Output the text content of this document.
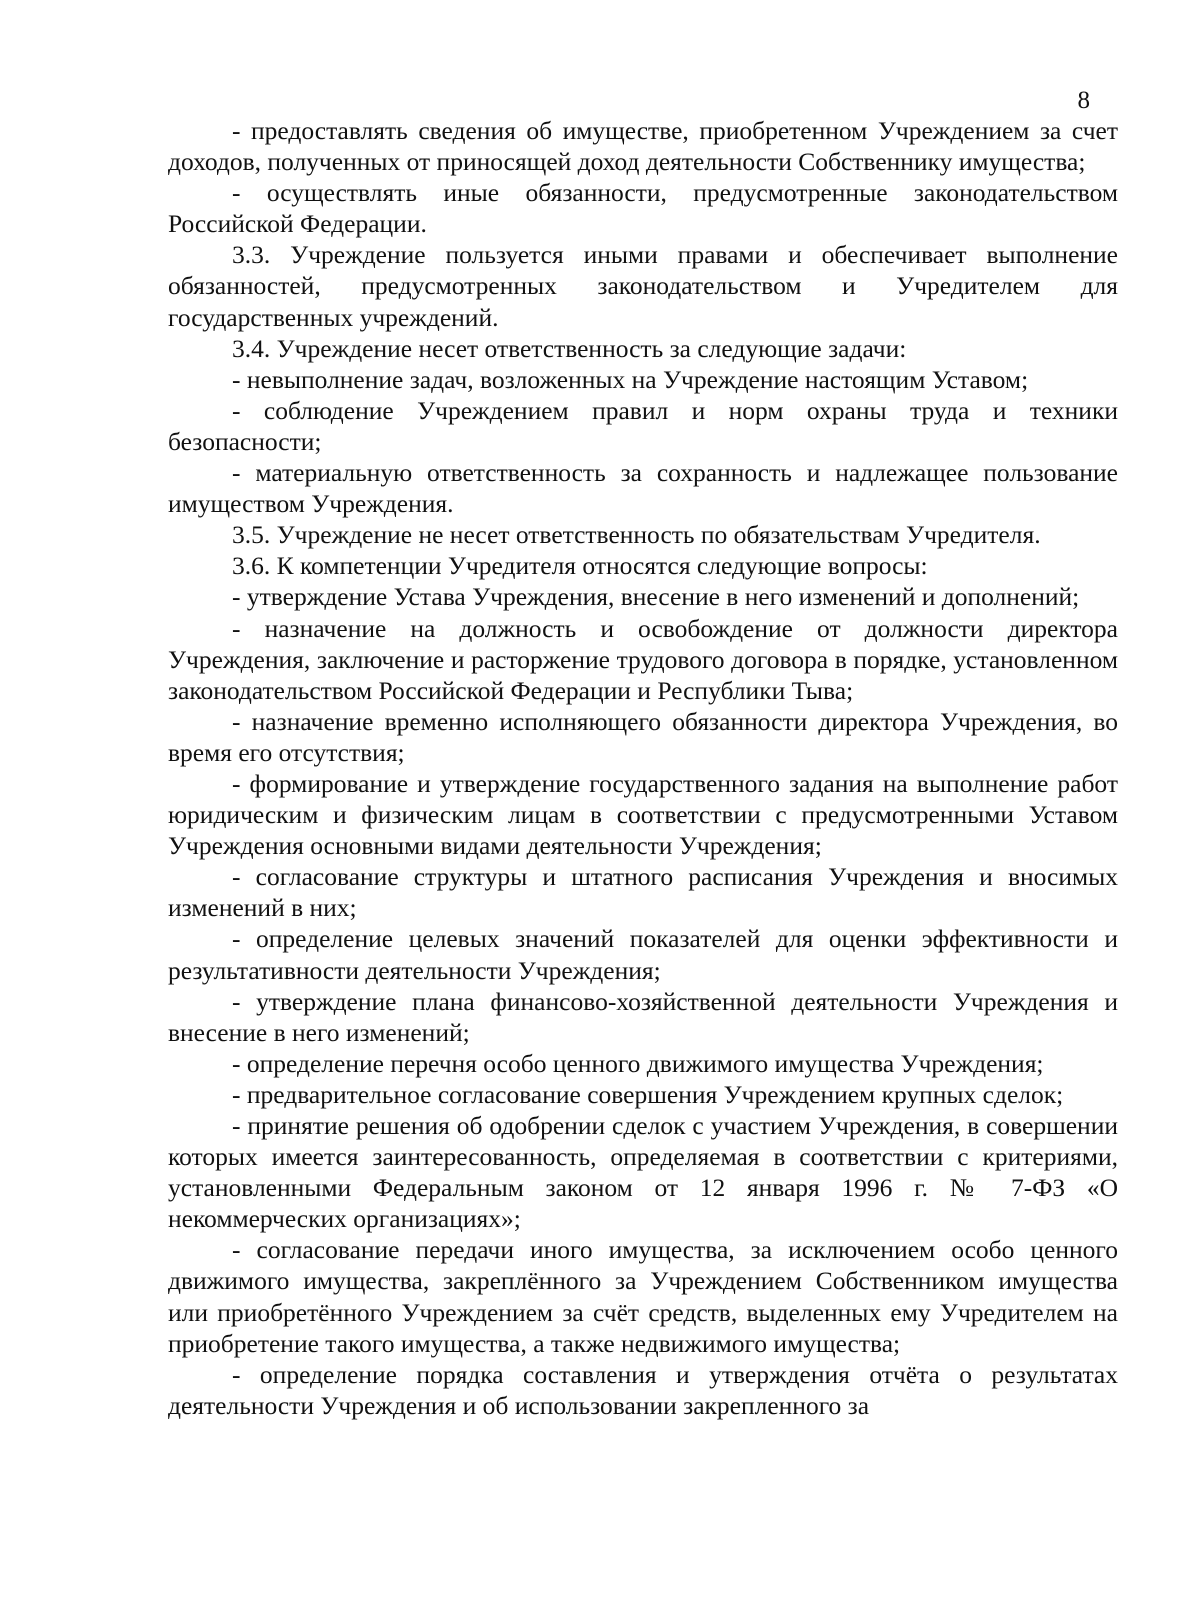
8

- предоставлять сведения об имуществе, приобретенном Учреждением за счет доходов, полученных от приносящей доход деятельности Собственнику имущества;

- осуществлять иные обязанности, предусмотренные законодательством Российской Федерации.

3.3. Учреждение пользуется иными правами и обеспечивает выполнение обязанностей, предусмотренных законодательством и Учредителем для государственных учреждений.

3.4. Учреждение несет ответственность за следующие задачи:

- невыполнение задач, возложенных на Учреждение настоящим Уставом;

- соблюдение Учреждением правил и норм охраны труда и техники безопасности;

- материальную ответственность за сохранность и надлежащее пользование имуществом Учреждения.

3.5. Учреждение не несет ответственность по обязательствам Учредителя.

3.6. К компетенции Учредителя относятся следующие вопросы:

- утверждение Устава Учреждения, внесение в него изменений и дополнений;

- назначение на должность и освобождение от должности директора Учреждения, заключение и расторжение трудового договора в порядке, установленном законодательством Российской Федерации и Республики Тыва;

- назначение временно исполняющего обязанности директора Учреждения, во время его отсутствия;

- формирование и утверждение государственного задания на выполнение работ юридическим и физическим лицам в соответствии с предусмотренными Уставом Учреждения основными видами деятельности Учреждения;

- согласование структуры и штатного расписания Учреждения и вносимых изменений в них;

- определение целевых значений показателей для оценки эффективности и результативности деятельности Учреждения;

- утверждение плана финансово-хозяйственной деятельности Учреждения и внесение в него изменений;

- определение перечня особо ценного движимого имущества Учреждения;

- предварительное согласование совершения Учреждением крупных сделок;

- принятие решения об одобрении сделок с участием Учреждения, в совершении которых имеется заинтересованность, определяемая в соответствии с критериями, установленными Федеральным законом от 12 января 1996 г. № 7-ФЗ «О некоммерческих организациях»;

- согласование передачи иного имущества, за исключением особо ценного движимого имущества, закреплённого за Учреждением Собственником имущества или приобретённого Учреждением за счёт средств, выделенных ему Учредителем на приобретение такого имущества, а также недвижимого имущества;

- определение порядка составления и утверждения отчёта о результатах деятельности Учреждения и об использовании закрепленного за
